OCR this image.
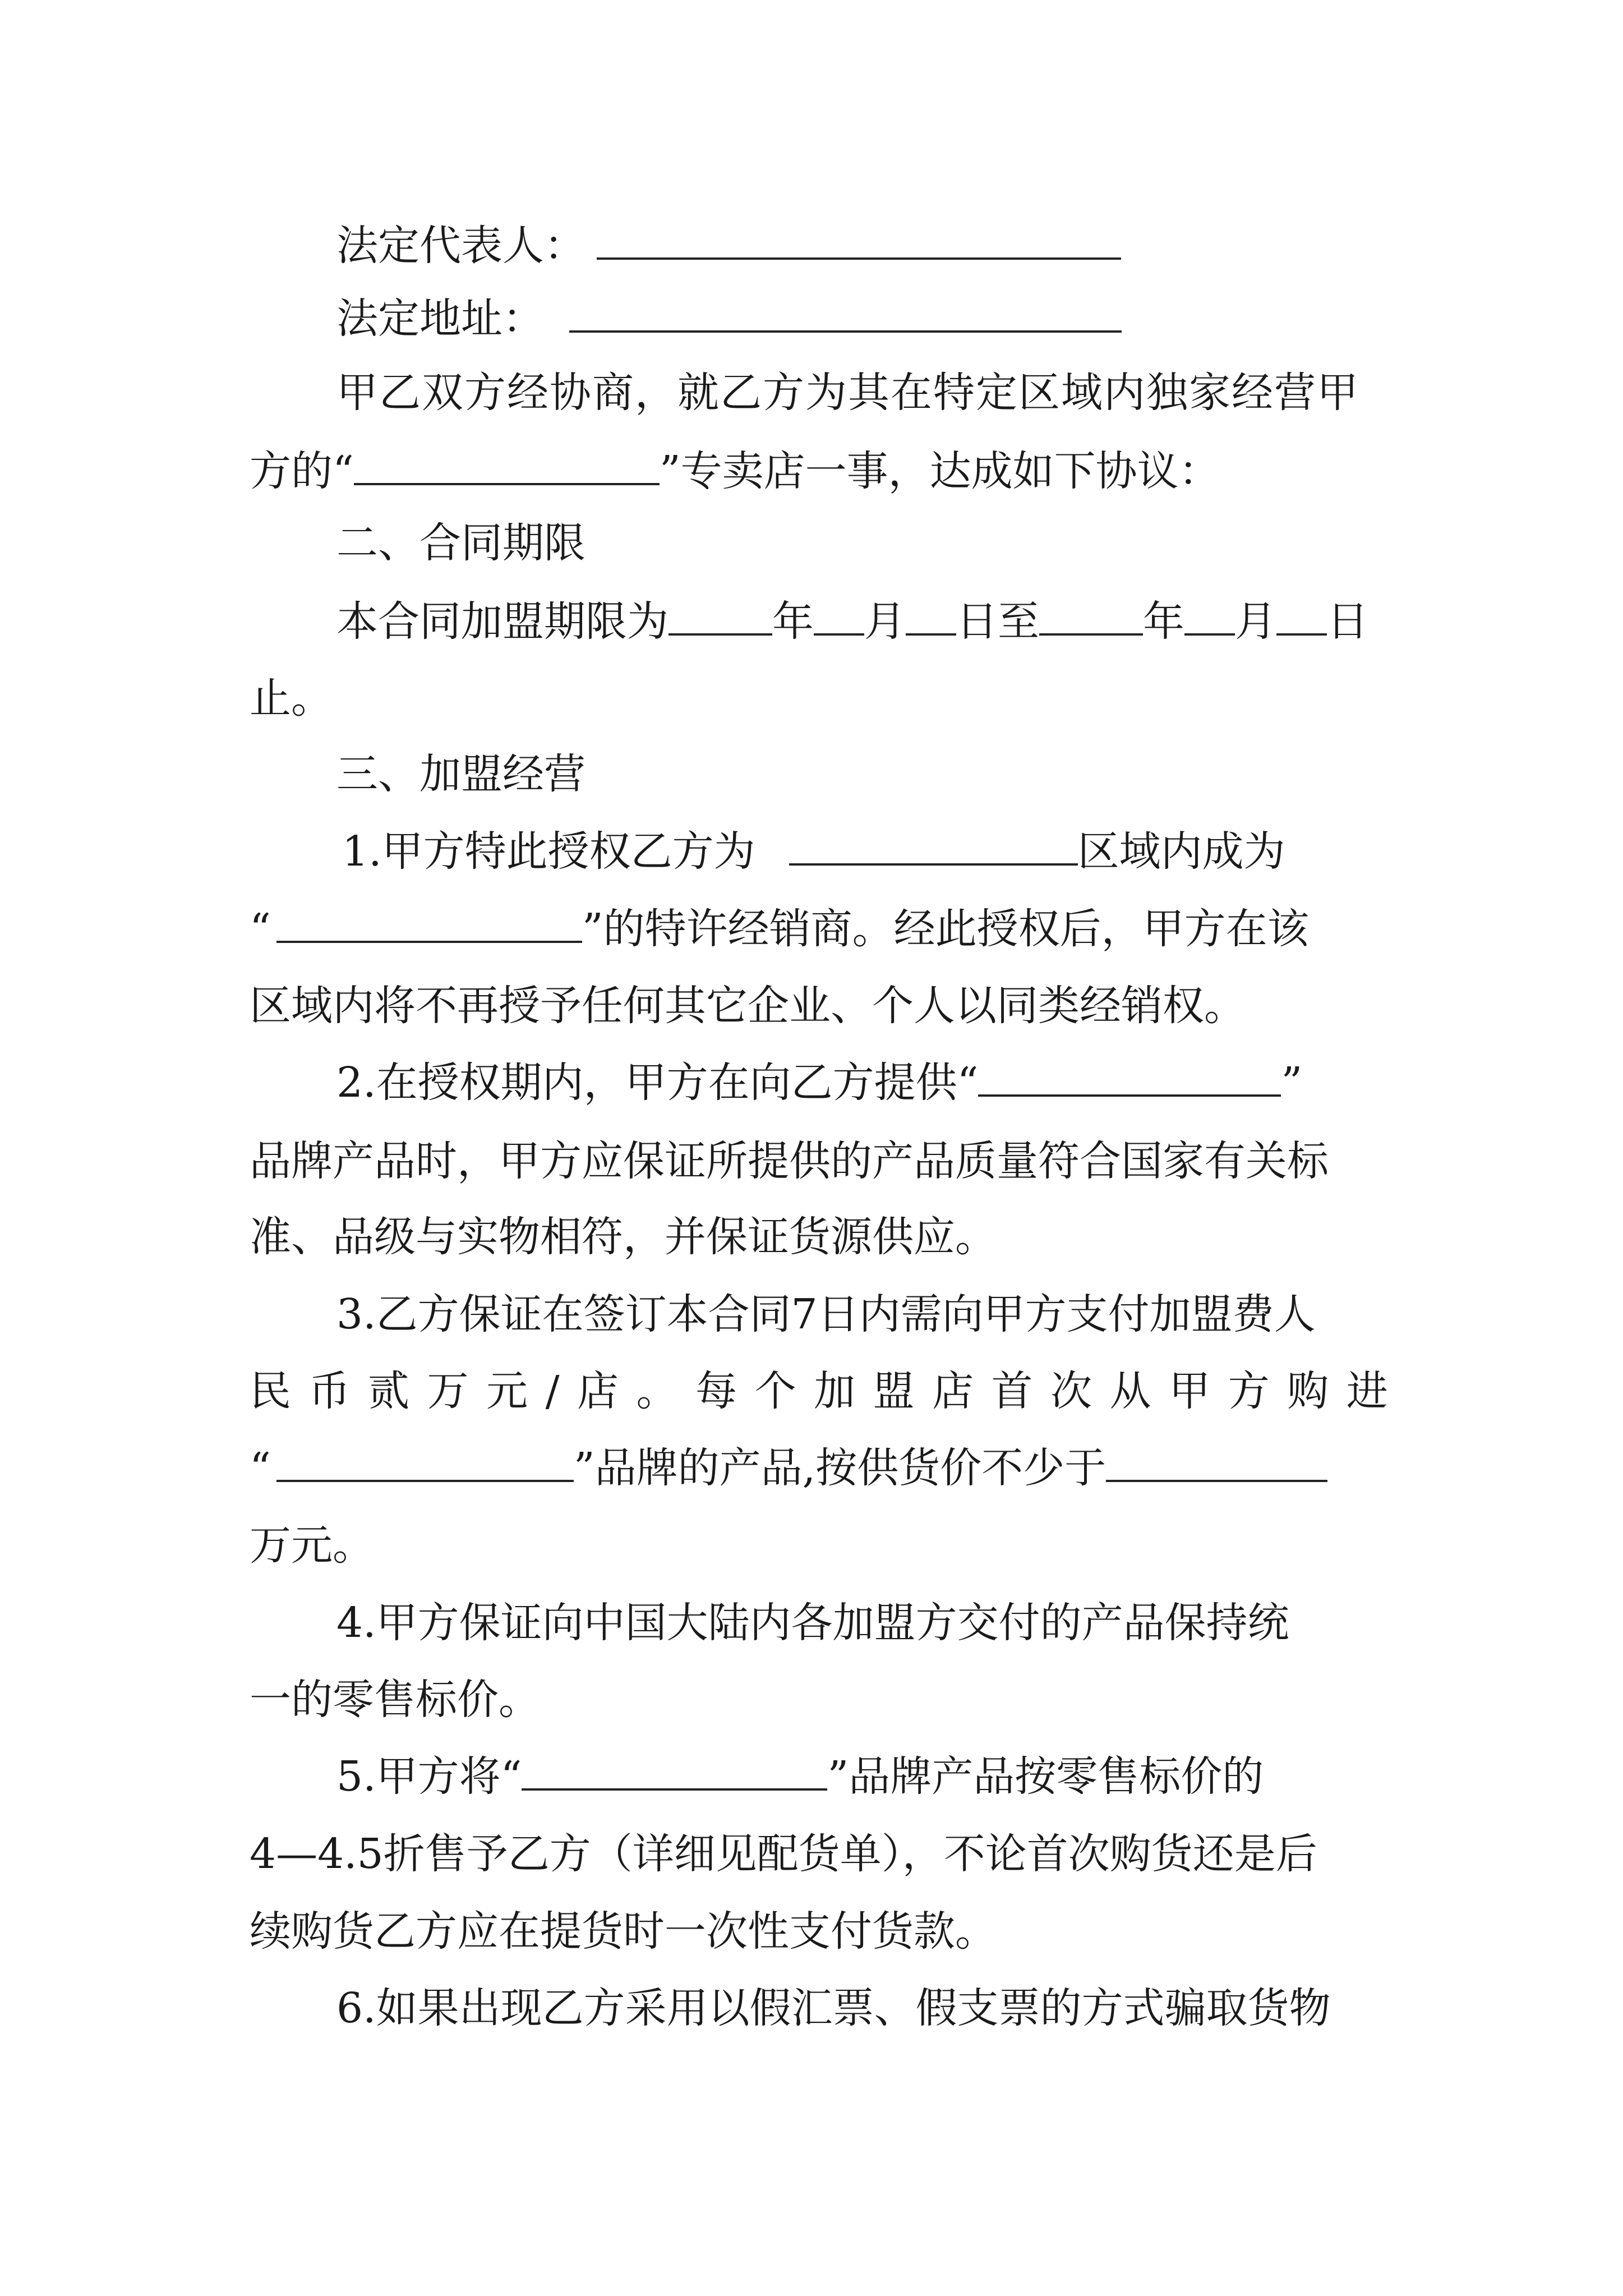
法定代表人：
法定地址：
甲乙双方经协商，就乙方为其在特定区域内独家经营甲
方的“	”专卖店一事，达成如下协议：
二、合同期限
本合同加盟期限为	年 月 日至	年 月 日
止。
三、加盟经营
1.甲方特此授权乙方为	区域内成为
“	”的特许经销商。经此授权后，甲方在该
区域内将不再授予任何其它企业、个人以同类经销权。
2.在授权期内，甲方在向乙方提供“	”
品牌产品时，甲方应保证所提供的产品质量符合国家有关标
准、品级与实物相符，并保证货源供应。
3.乙方保证在签订本合同7日内需向甲方支付加盟费人
民 币 贰 万 元 / 店 。 每 个 加 盟 店 首 次 从 甲 方 购 进
“	”品牌的产品,按供货价不少于
万元。
4.甲方保证向中国大陆内各加盟方交付的产品保持统
一的零售标价。
5.甲方将“	”品牌产品按零售标价的
4—4.5折售予乙方（详细见配货单），不论首次购货还是后
续购货乙方应在提货时一次性支付货款。
6.如果出现乙方采用以假汇票、假支票的方式骗取货物
